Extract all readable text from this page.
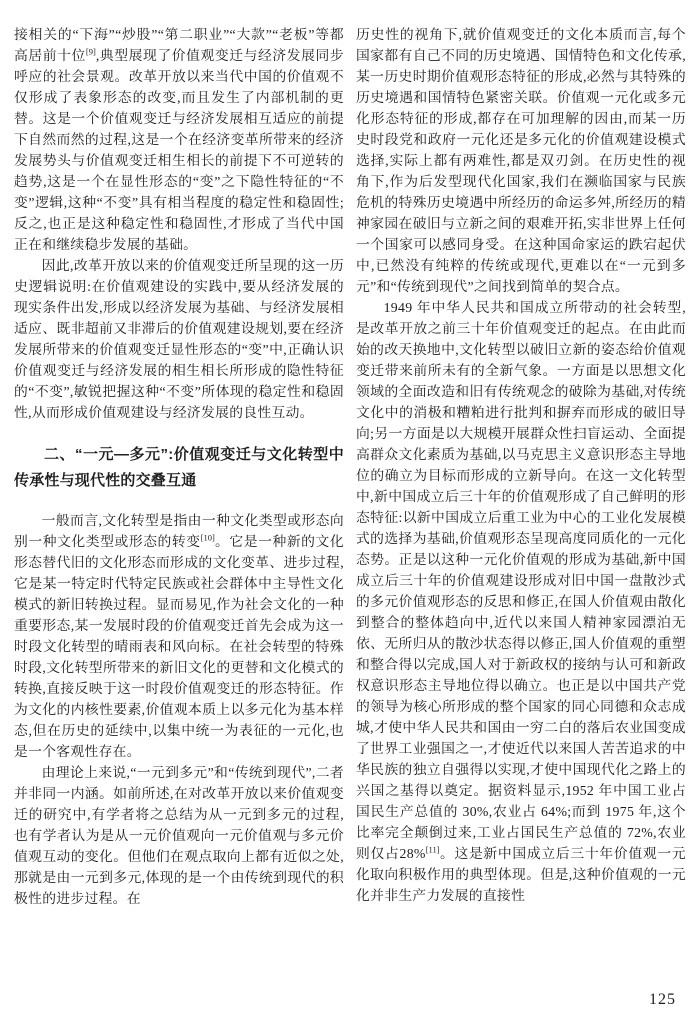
接相关的“下海”“炒股”“第二职业”“大款”“老板”等都高居前十位[9],典型展现了价值观变迁与经济发展同步呼应的社会景观。改革开放以来当代中国的价值观不仅形成了表象形态的改变,而且发生了内部机制的更替。这是一个价值观变迁与经济发展相互适应的前提下自然而然的过程,这是一个在经济变革所带来的经济发展势头与价值观变迁相生相长的前提下不可逆转的趋势,这是一个在显性形态的“变”之下隐性特征的“不变”逻辑,这种“不变”具有相当程度的稳定性和稳固性;反之,也正是这种稳定性和稳固性,才形成了当代中国正在和继续稳步发展的基础。

因此,改革开放以来的价值观变迁所呈现的这一历史逻辑说明:在价值观建设的实践中,要从经济发展的现实条件出发,形成以经济发展为基础、与经济发展相适应、既非超前又非滞后的价值观建设规划,要在经济发展所带来的价值观变迁显性形态的“变”中,正确认识价值观变迁与经济发展的相生相长所形成的隐性特征的“不变”,敏锐把握这种“不变”所体现的稳定性和稳固性,从而形成价值观建设与经济发展的良性互动。

二、“一元—多元”:价值观变迁与文化转型中传承性与现代性的交叠互通

一般而言,文化转型是指由一种文化类型或形态向别一种文化类型或形态的转变[10]。它是一种新的文化形态替代旧的文化形态而形成的文化变革、进步过程,它是某一特定时代特定民族或社会群体中主导性文化模式的新旧转换过程。显而易见,作为社会文化的一种重要形态,某一发展时段的价值观变迁首先会成为这一时段文化转型的晴雨表和风向标。在社会转型的特殊时段,文化转型所带来的新旧文化的更替和文化模式的转换,直接反映于这一时段价值观变迁的形态特征。作为文化的内核性要素,价值观本质上以多元化为基本样态,但在历史的延续中,以集中统一为表征的一元化,也是一个客观性存在。

由理论上来说,“一元到多元”和“传统到现代”,二者并非同一内涵。如前所述,在对改革开放以来价值观变迁的研究中,有学者将之总结为从一元到多元的过程,也有学者认为是从一元价值观向一元价值观与多元价值观互动的变化。但他们在观点取向上都有近似之处,那就是由一元到多元,体现的是一个由传统到现代的积极性的进步过程。在

历史性的视角下,就价值观变迁的文化本质而言,每个国家都有自己不同的历史境遇、国情特色和文化传承,某一历史时期价值观形态特征的形成,必然与其特殊的历史境遇和国情特色紧密关联。价值观一元化或多元化形态特征的形成,都存在可加理解的因由,而某一历史时段党和政府一元化还是多元化的价值观建设模式选择,实际上都有两难性,都是双刃剑。在历史性的视角下,作为后发型现代化国家,我们在濒临国家与民族危机的特殊历史境遇中所经历的命运多舛,所经历的精神家园在破旧与立新之间的艰难开拓,实非世界上任何一个国家可以感同身受。在这种国命家运的跌宕起伏中,已然没有纯粹的传统或现代,更难以在“一元到多元”和“传统到现代”之间找到简单的契合点。

1949 年中华人民共和国成立所带动的社会转型,是改革开放之前三十年价值观变迁的起点。在由此而始的改天换地中,文化转型以破旧立新的姿态给价值观变迁带来前所未有的全新气象。一方面是以思想文化领域的全面改造和旧有传统观念的破除为基础,对传统文化中的消极和糟粕进行批判和摒弃而形成的破旧导向;另一方面是以大规模开展群众性扫盲运动、全面提高群众文化素质为基础,以马克思主义意识形态主导地位的确立为目标而形成的立新导向。在这一文化转型中,新中国成立后三十年的价值观形成了自己鲜明的形态特征:以新中国成立后重工业为中心的工业化发展模式的选择为基础,价值观形态呈现高度同质化的一元化态势。正是以这种一元化价值观的形成为基础,新中国成立后三十年的价值观建设形成对旧中国一盘散沙式的多元价值观形态的反思和修正,在国人价值观由散化到整合的整体趋向中,近代以来国人精神家园漂泊无依、无所归从的散沙状态得以修正,国人价值观的重塑和整合得以完成,国人对于新政权的接纳与认可和新政权意识形态主导地位得以确立。也正是以中国共产党的领导为核心所形成的整个国家的同心同德和众志成城,才使中华人民共和国由一穷二白的落后农业国变成了世界工业强国之一,才使近代以来国人苦苦追求的中华民族的独立自强得以实现,才使中国现代化之路上的兴国之基得以奠定。据资料显示,1952 年中国工业占国民生产总值的 30%,农业占 64%;而到 1975 年,这个比率完全颠倒过来,工业占国民生产总值的 72%,农业则仅占28%[11]。这是新中国成立后三十年价值观一元化取向积极作用的典型体现。但是,这种价值观的一元化并非生产力发展的直接性

125
